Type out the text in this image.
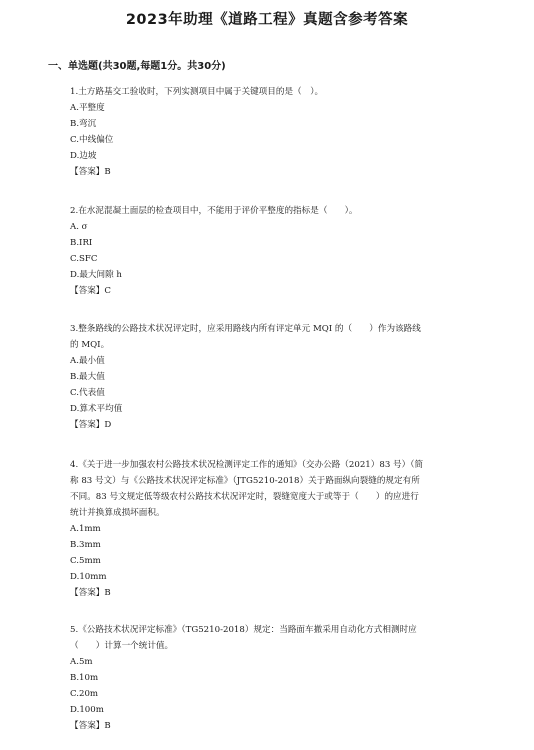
2023年助理《道路工程》真题含参考答案
一、单选题(共30题,每题1分。共30分)

1.土方路基交工验收时，下列实测项目中属于关键项目的是（　）。

A.平整度

B.弯沉

C.中线偏位

D.边坡

【答案】B

2.在水泥混凝土面层的检查项目中，不能用于评价平整度的指标是（　　）。

A. σ

B.IRI

C.SFC

D.最大间隙 h

【答案】C

3.整条路线的公路技术状况评定时，应采用路线内所有评定单元 MQI 的（　　）作为该路线

的 MQI。

A.最小值

B.最大值

C.代表值

D.算术平均值

【答案】D

4.《关于进一步加强农村公路技术状况检测评定工作的通知》（交办公路（2021）83 号）（简

称 83 号文）与《公路技术状况评定标准》（JTG5210-2018）关于路面纵向裂缝的规定有所

不同。83 号文规定低等级农村公路技术状况评定时，裂缝宽度大于或等于（　　）的应进行

统计并换算成损坏面积。

A.1mm

B.3mm

C.5mm

D.10mm

【答案】B

5.《公路技术状况评定标准》（TG5210-2018）规定：当路面车撤采用自动化方式相测时应

（　　）计算一个统计值。

A.5m

B.10m

C.20m

D.100m

【答案】B
